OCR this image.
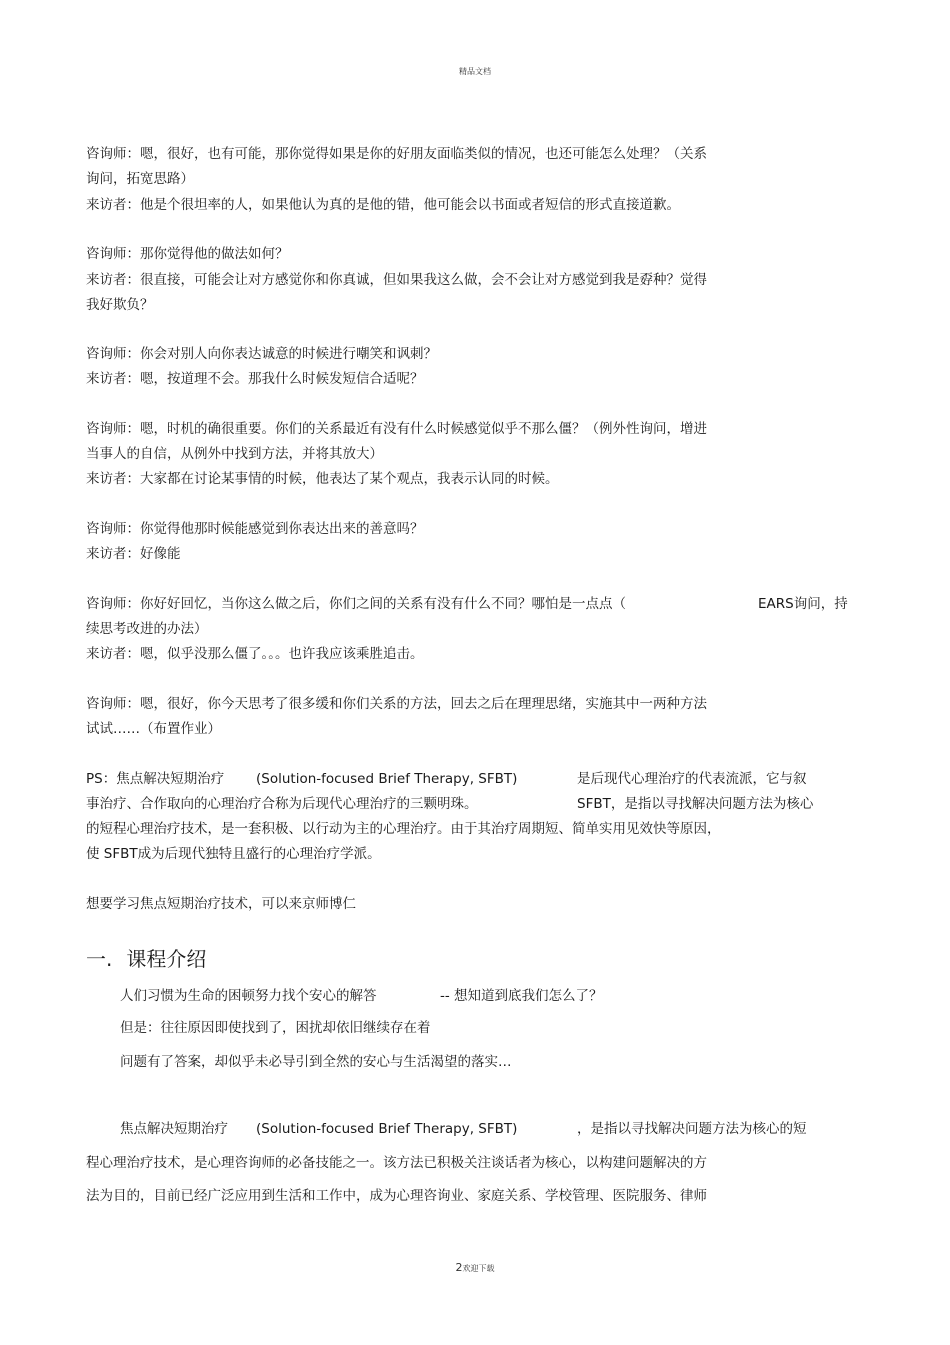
精品文档
咨询师：嗯，很好，也有可能，那你觉得如果是你的好朋友面临类似的情况，也还可能怎么处理？（关系
询问，拓宽思路）
来访者：他是个很坦率的人，如果他认为真的是他的错，他可能会以书面或者短信的形式直接道歉。
咨询师：那你觉得他的做法如何？
来访者：很直接，可能会让对方感觉你和你真诚，但如果我这么做，会不会让对方感觉到我是孬种？觉得
我好欺负？
咨询师：你会对别人向你表达诚意的时候进行嘲笑和讽刺？
来访者：嗯，按道理不会。那我什么时候发短信合适呢？
咨询师：嗯，时机的确很重要。你们的关系最近有没有什么时候感觉似乎不那么僵？（例外性询问，增进
当事人的自信，从例外中找到方法，并将其放大）
来访者：大家都在讨论某事情的时候，他表达了某个观点，我表示认同的时候。
咨询师：你觉得他那时候能感觉到你表达出来的善意吗？
来访者：好像能
咨询师：你好好回忆，当你这么做之后，你们之间的关系有没有什么不同？哪怕是一点点（	EARS询问，持
续思考改进的办法）
来访者：嗯，似乎没那么僵了。。。也许我应该乘胜追击。
咨询师：嗯，很好，你今天思考了很多缓和你们关系的方法，回去之后在理理思绪，实施其中一两种方法
试试……（布置作业）
PS：焦点解决短期治疗 (Solution-focused Brief Therapy, SFBT)	是后现代心理治疗的代表流派，它与叙
事治疗、合作取向的心理治疗合称为后现代心理治疗的三颗明珠。	SFBT，是指以寻找解决问题方法为核心
的短程心理治疗技术，是一套积极、以行动为主的心理治疗。由于其治疗周期短、简单实用见效快等原因，
使 SFBT成为后现代独特且盛行的心理治疗学派。
想要学习焦点短期治疗技术，可以来京师博仁
一. 课程介绍
人们习惯为生命的困顿努力找个安心的解答	-- 想知道到底我们怎么了？
但是：往往原因即使找到了，困扰却依旧继续存在着
问题有了答案，却似乎未必导引到全然的安心与生活渴望的落实…
焦点解决短期治疗 (Solution-focused Brief Therapy, SFBT)	，是指以寻找解决问题方法为核心的短
程心理治疗技术，是心理咨询师的必备技能之一。该方法已积极关注谈话者为核心，以构建问题解决的方
法为目的，目前已经广泛应用到生活和工作中，成为心理咨询业、家庭关系、学校管理、医院服务、律师
2欢迎下载
